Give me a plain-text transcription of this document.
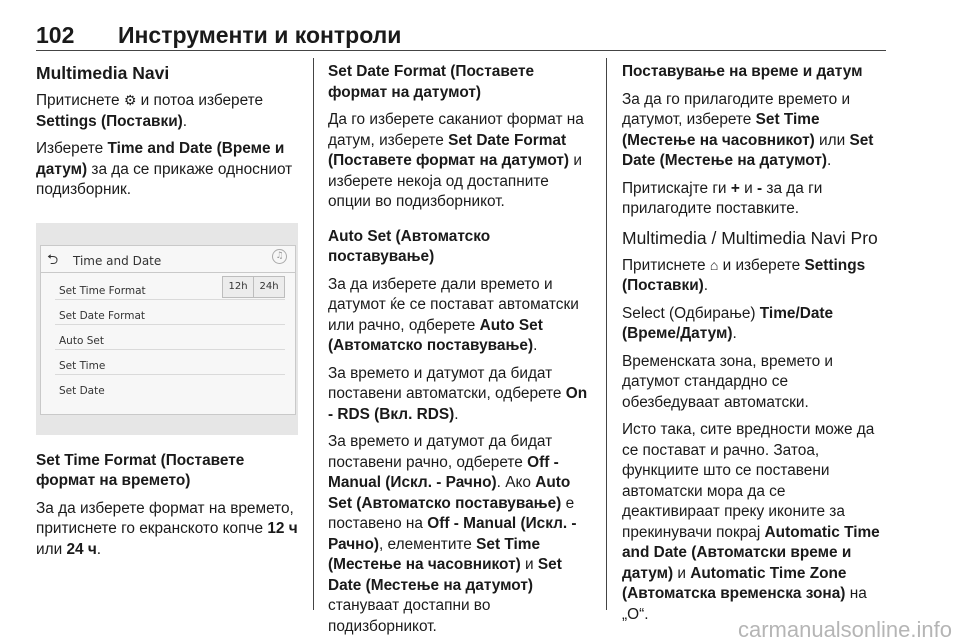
102 Инструменти и контроли

Multimedia Navi

Притиснете ⚙ и потоа изберете Settings (Поставки).

Изберете Time and Date (Време и датум) за да се прикаже односниот подизборник.

⮌ Time and Date	♫
Set Time Format	12h	24h
Set Date Format
Auto Set
Set Time
Set Date

Set Time Format (Поставете формат на времето)

За да изберете формат на времето, притиснете го екранското копче 12 ч или 24 ч.

Set Date Format (Поставете формат на датумот)

Да го изберете саканиот формат на датум, изберете Set Date Format (Поставете формат на датумот) и изберете некоја од достапните опции во подизборникот.

Auto Set (Автоматско поставување)

За да изберете дали времето и датумот ќе се поставaт автоматски или рачно, одберете Auto Set (Автоматско поставување).

За времето и датумот да бидат поставени автоматски, одберете On - RDS (Вкл. RDS).

За времето и датумот да бидат поставени рачно, одберете Off - Manual (Искл. - Рачно). Ако Auto Set (Автоматско поставување) е поставено на Off - Manual (Искл. - Рачно), елементите Set Time (Местење на часовникот) и Set Date (Местење на датумот) стануваат достапни во подизборникот.

Поставување на време и датум

За да го прилагодите времето и датумот, изберете Set Time (Местење на часовникот) или Set Date (Местење на датумот).

Притискајте ги + и - за да ги прилагодите поставките.

Multimedia / Multimedia Navi Pro

Притиснете ⌂ и изберете Settings (Поставки).

Select (Одбирање) Time/Date (Време/Датум).

Временската зона, времето и датумот стандардно се обезбедуваат автоматски.

Исто така, сите вредности може да се постават и рачно. Затоа, функциите што се поставени автоматски мора да се деактивираат преку иконите за прекинувачи покрај Automatic Time and Date (Автоматски време и датум) и Automatic Time Zone (Автоматска временска зона) на „О“.

carmanualsonline.info
